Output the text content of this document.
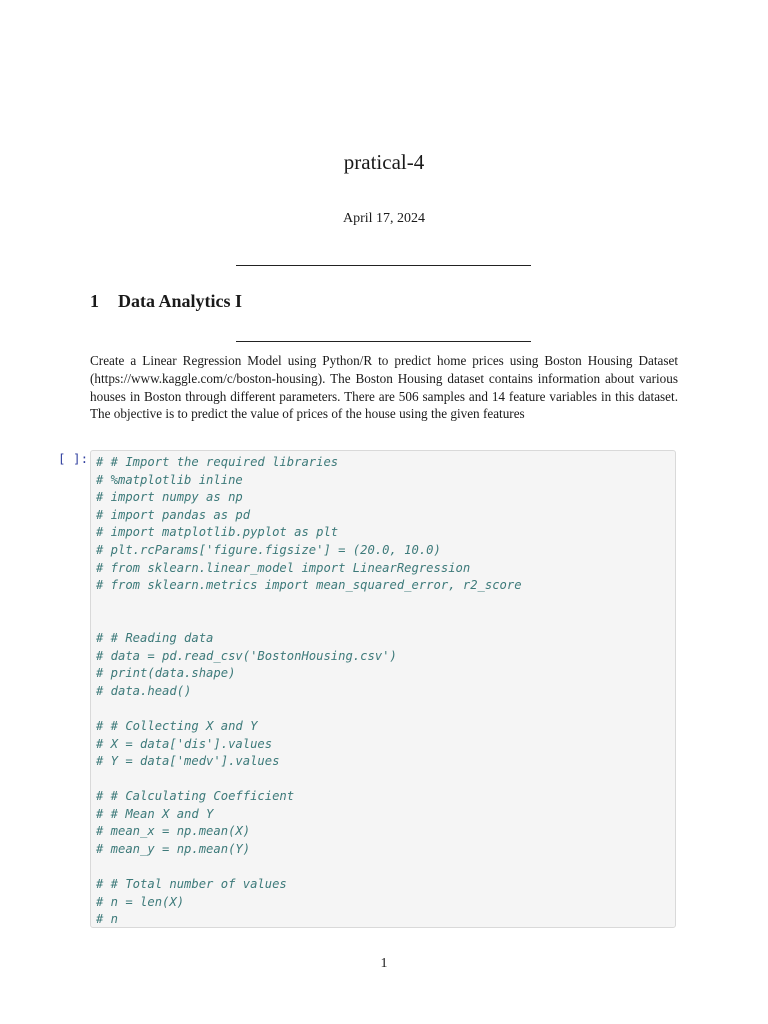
pratical-4
April 17, 2024
1 Data Analytics I
Create a Linear Regression Model using Python/R to predict home prices using Boston Housing Dataset (https://www.kaggle.com/c/boston-housing). The Boston Housing dataset contains information about various houses in Boston through different parameters. There are 506 samples and 14 feature variables in this dataset. The objective is to predict the value of prices of the house using the given features
[ ]: # # Import the required libraries
# %matplotlib inline
# import numpy as np
# import pandas as pd
# import matplotlib.pyplot as plt
# plt.rcParams['figure.figsize'] = (20.0, 10.0)
# from sklearn.linear_model import LinearRegression
# from sklearn.metrics import mean_squared_error, r2_score
# # Reading data
# data = pd.read_csv('BostonHousing.csv')
# print(data.shape)
# data.head()
# # Collecting X and Y
# X = data['dis'].values
# Y = data['medv'].values
# # Calculating Coefficient
# # Mean X and Y
# mean_x = np.mean(X)
# mean_y = np.mean(Y)
# # Total number of values
# n = len(X)
# n
1
